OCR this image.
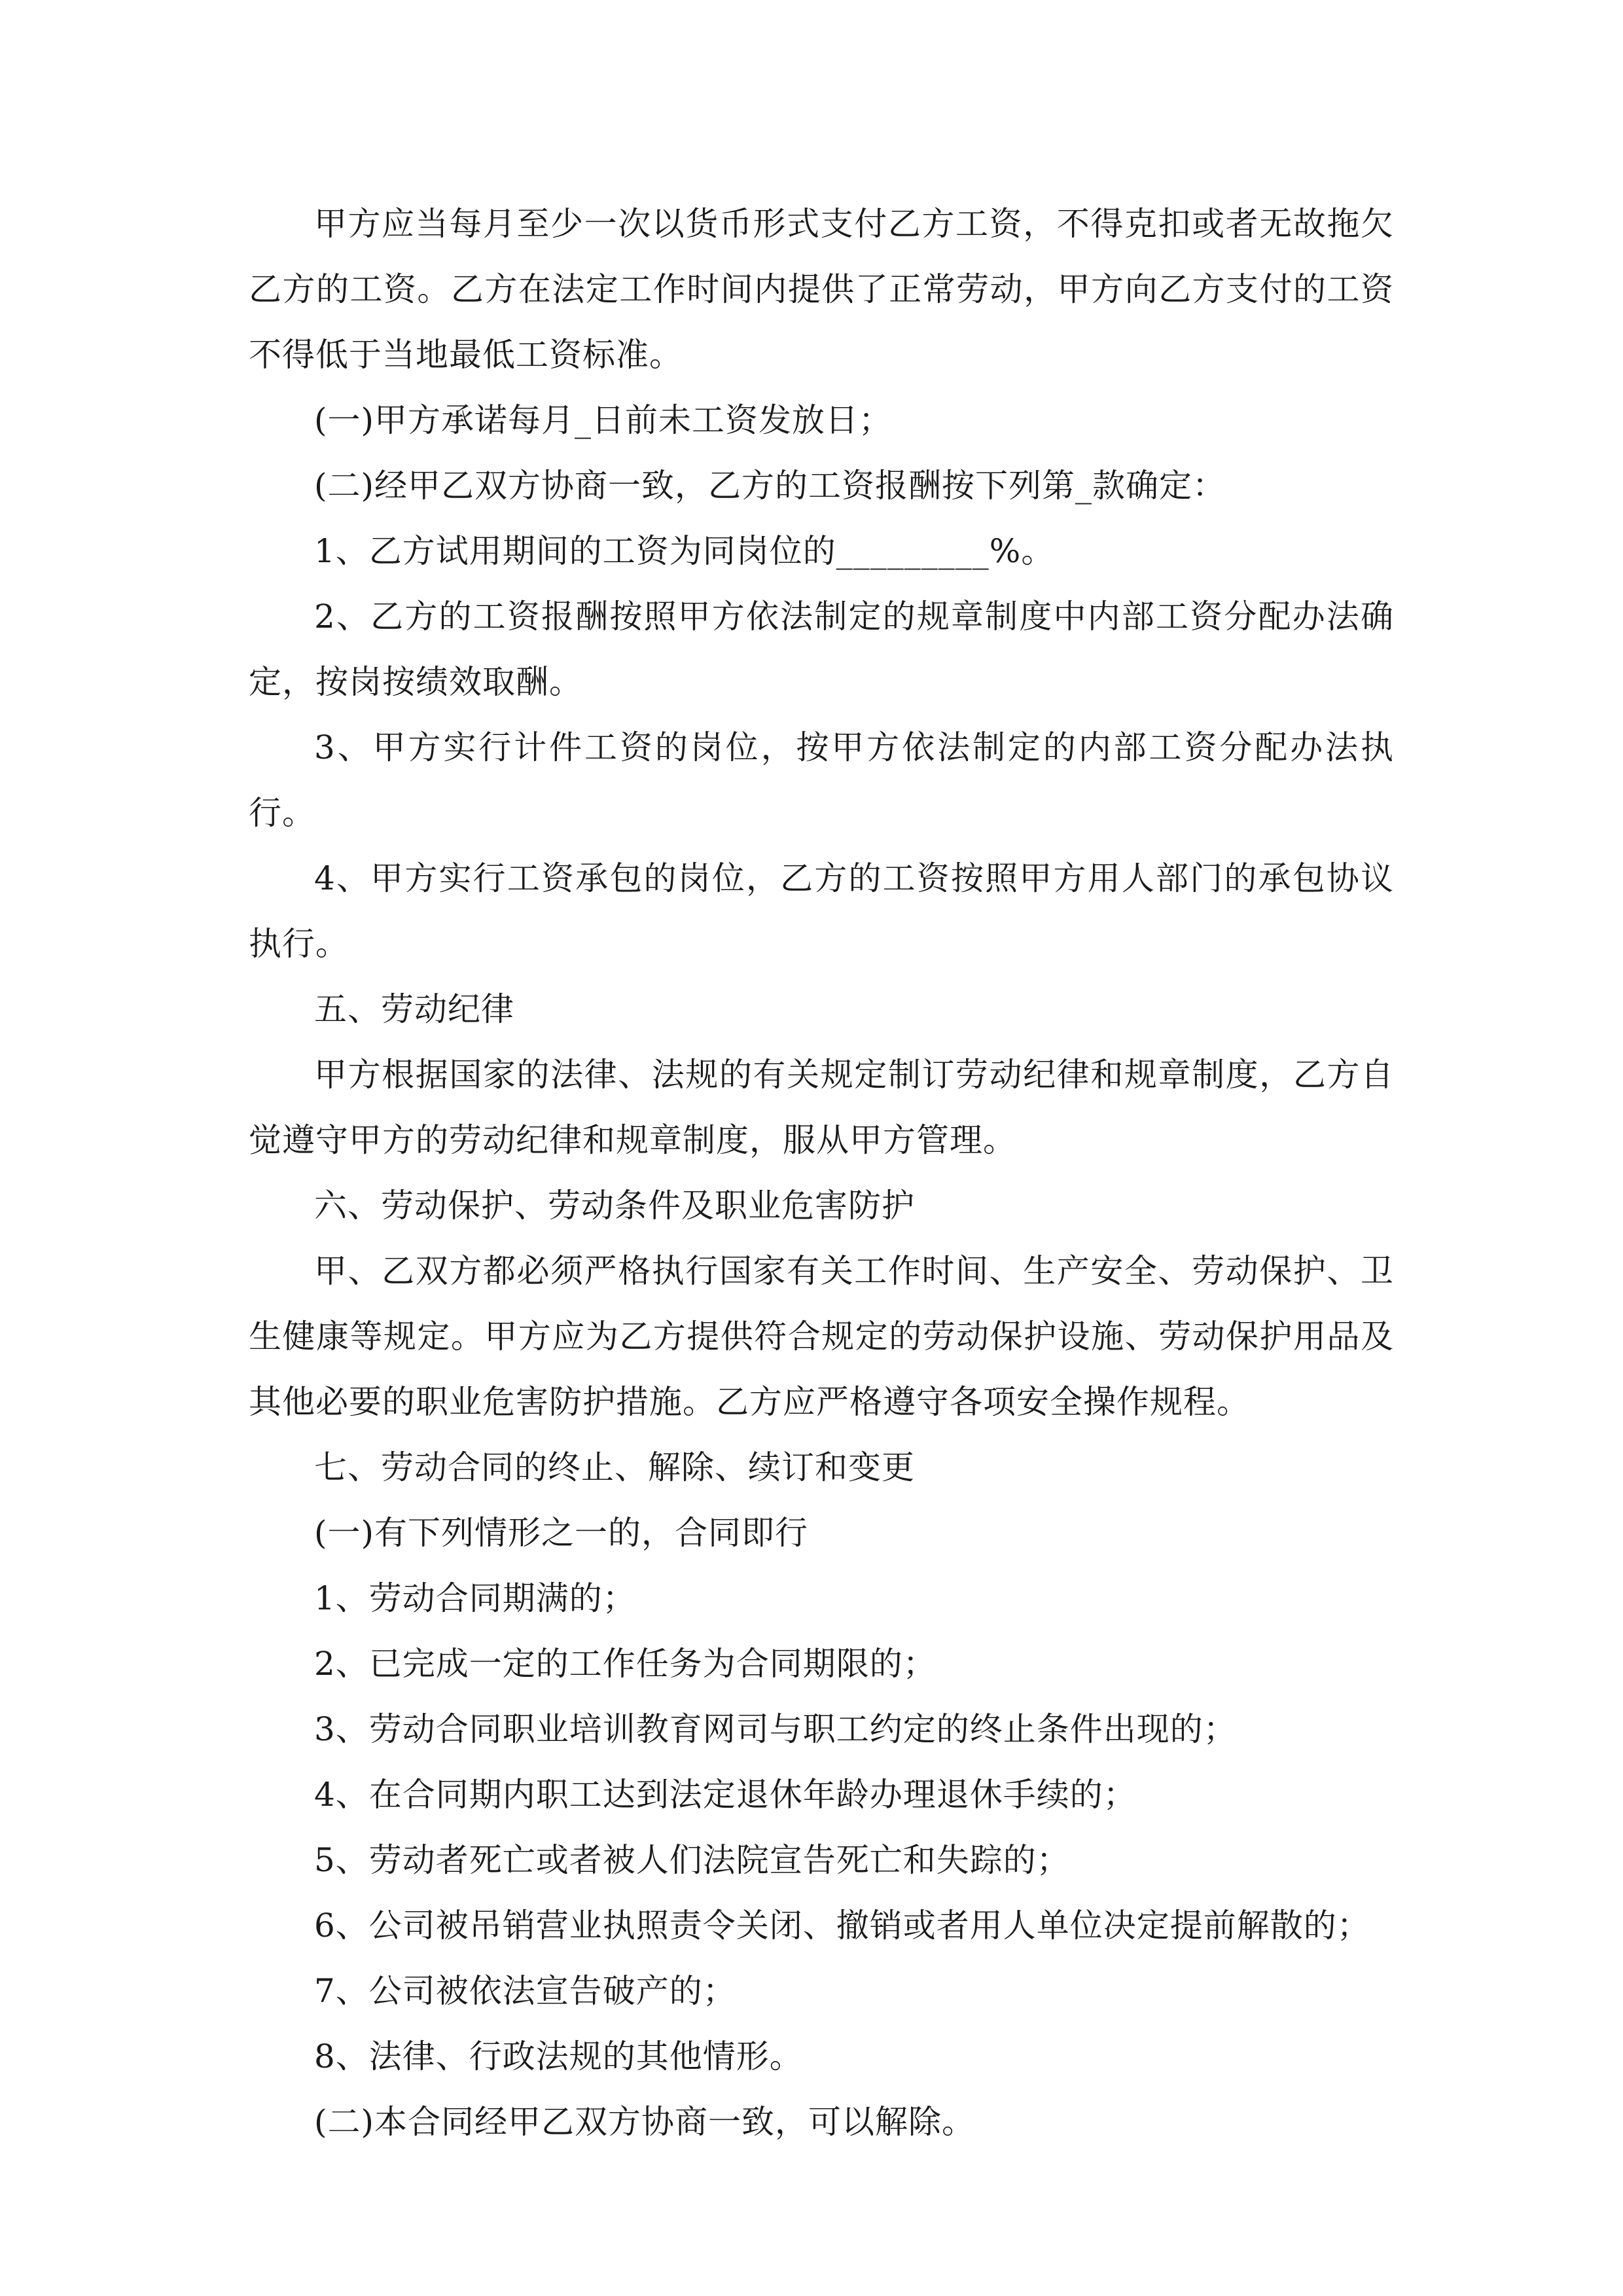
甲方应当每月至少一次以货币形式支付乙方工资，不得克扣或者无故拖欠乙方的工资。乙方在法定工作时间内提供了正常劳动，甲方向乙方支付的工资不得低于当地最低工资标准。

(一)甲方承诺每月_日前未工资发放日；

(二)经甲乙双方协商一致，乙方的工资报酬按下列第_款确定：

1、乙方试用期间的工资为同岗位的_________%。

2、乙方的工资报酬按照甲方依法制定的规章制度中内部工资分配办法确定，按岗按绩效取酬。

3、甲方实行计件工资的岗位，按甲方依法制定的内部工资分配办法执行。

4、甲方实行工资承包的岗位，乙方的工资按照甲方用人部门的承包协议执行。

五、劳动纪律

甲方根据国家的法律、法规的有关规定制订劳动纪律和规章制度，乙方自觉遵守甲方的劳动纪律和规章制度，服从甲方管理。

六、劳动保护、劳动条件及职业危害防护

甲、乙双方都必须严格执行国家有关工作时间、生产安全、劳动保护、卫生健康等规定。甲方应为乙方提供符合规定的劳动保护设施、劳动保护用品及其他必要的职业危害防护措施。乙方应严格遵守各项安全操作规程。

七、劳动合同的终止、解除、续订和变更

(一)有下列情形之一的，合同即行

1、劳动合同期满的；

2、已完成一定的工作任务为合同期限的；

3、劳动合同职业培训教育网司与职工约定的终止条件出现的；

4、在合同期内职工达到法定退休年龄办理退休手续的；

5、劳动者死亡或者被人们法院宣告死亡和失踪的；

6、公司被吊销营业执照责令关闭、撤销或者用人单位决定提前解散的；

7、公司被依法宣告破产的；

8、法律、行政法规的其他情形。

(二)本合同经甲乙双方协商一致，可以解除。
